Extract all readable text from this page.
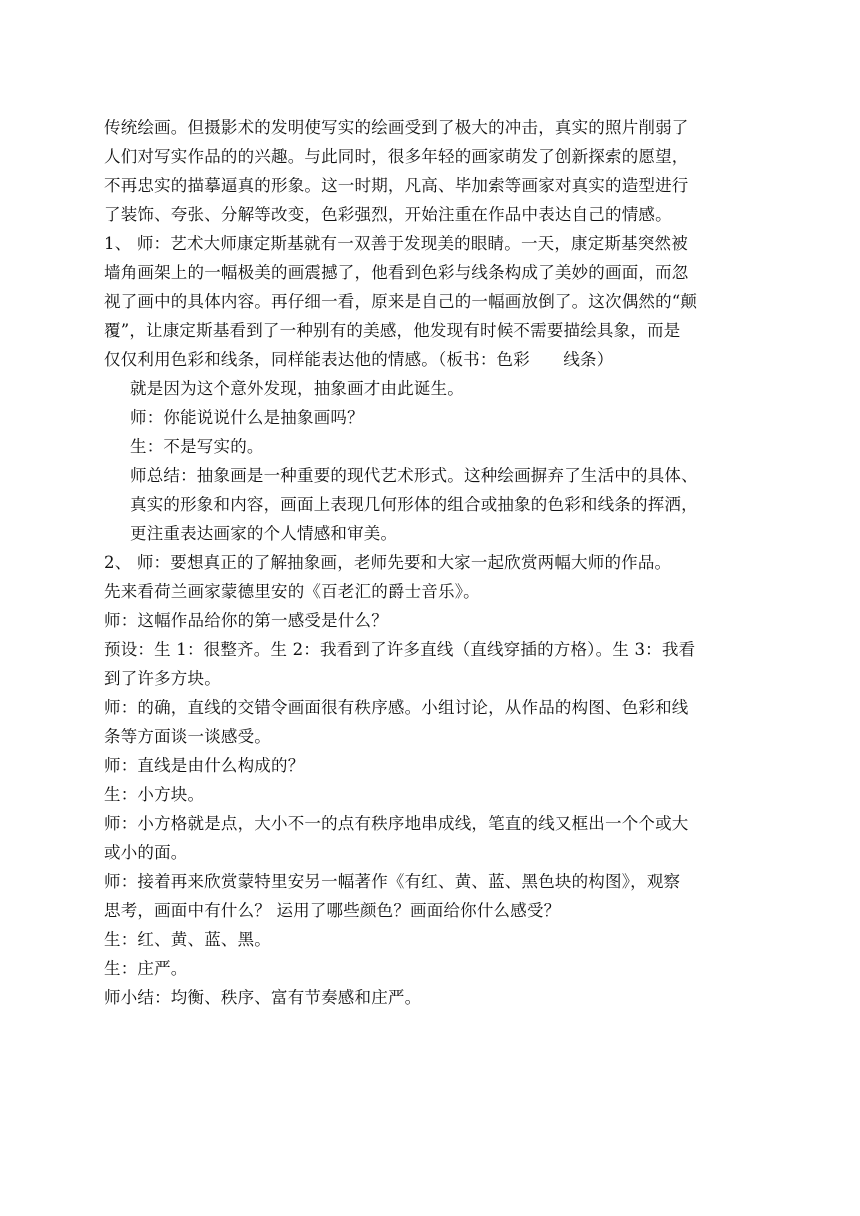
传统绘画。但摄影术的发明使写实的绘画受到了极大的冲击，真实的照片削弱了
人们对写实作品的的兴趣。与此同时，很多年轻的画家萌发了创新探索的愿望，
不再忠实的描摹逼真的形象。这一时期，凡高、毕加索等画家对真实的造型进行
了装饰、夸张、分解等改变，色彩强烈，开始注重在作品中表达自己的情感。
1、 师：艺术大师康定斯基就有一双善于发现美的眼睛。一天，康定斯基突然被
墙角画架上的一幅极美的画震撼了，他看到色彩与线条构成了美妙的画面，而忽
视了画中的具体内容。再仔细一看，原来是自己的一幅画放倒了。这次偶然的“颠
覆”，让康定斯基看到了一种别有的美感，他发现有时候不需要描绘具象，而是
仅仅利用色彩和线条，同样能表达他的情感。（板书：色彩　　线条）
就是因为这个意外发现，抽象画才由此诞生。
师：你能说说什么是抽象画吗？
生：不是写实的。
师总结：抽象画是一种重要的现代艺术形式。这种绘画摒弃了生活中的具体、
真实的形象和内容，画面上表现几何形体的组合或抽象的色彩和线条的挥洒，
更注重表达画家的个人情感和审美。
2、 师：要想真正的了解抽象画，老师先要和大家一起欣赏两幅大师的作品。
先来看荷兰画家蒙德里安的《百老汇的爵士音乐》。
师：这幅作品给你的第一感受是什么？
预设：生 1：很整齐。生 2：我看到了许多直线（直线穿插的方格）。生 3：我看
到了许多方块。
师：的确，直线的交错令画面很有秩序感。小组讨论，从作品的构图、色彩和线
条等方面谈一谈感受。
师：直线是由什么构成的？
生：小方块。
师：小方格就是点，大小不一的点有秩序地串成线，笔直的线又框出一个个或大
或小的面。
师：接着再来欣赏蒙特里安另一幅著作《有红、黄、蓝、黑色块的构图》，观察
思考，画面中有什么？ 运用了哪些颜色？画面给你什么感受？
生：红、黄、蓝、黑。
生：庄严。
师小结：均衡、秩序、富有节奏感和庄严。
